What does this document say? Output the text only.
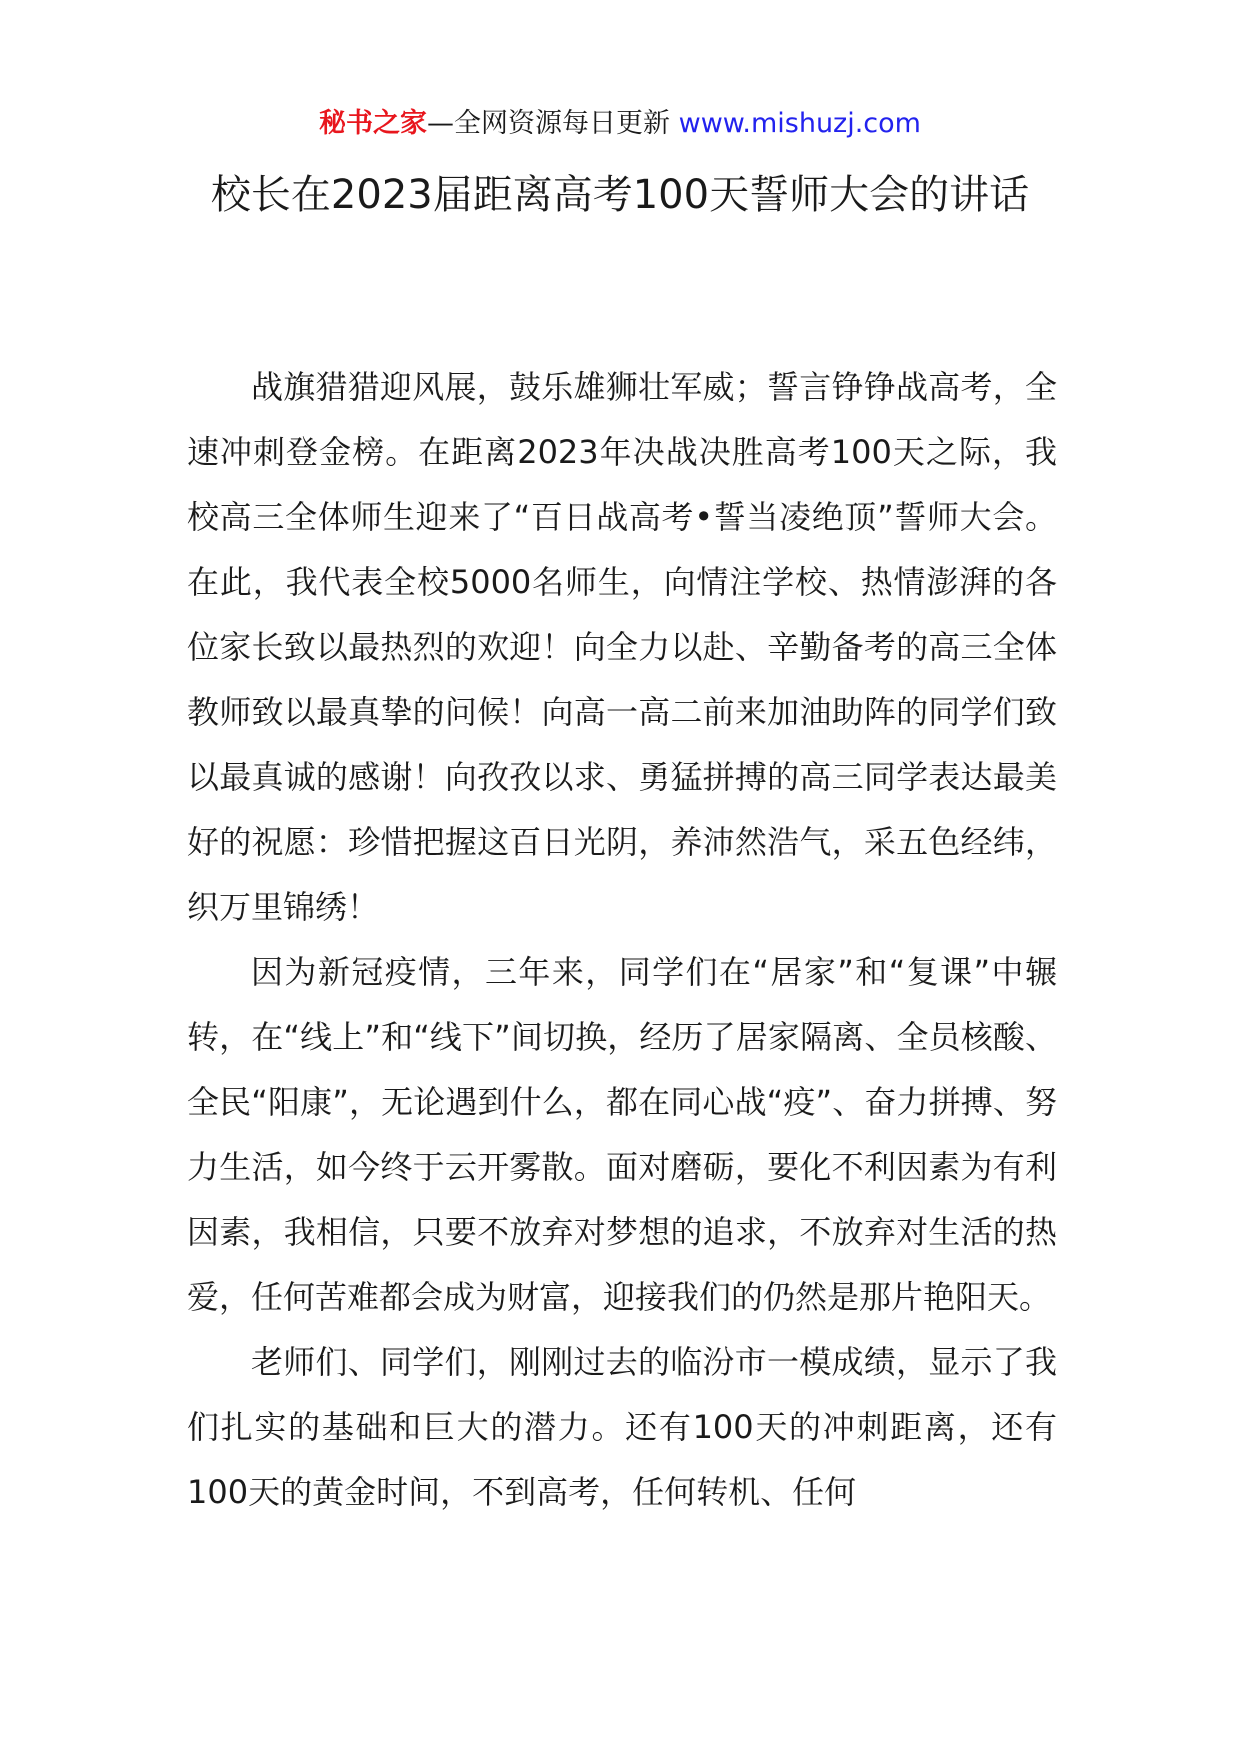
秘书之家—全网资源每日更新 www.mishuzj.com
校长在2023届距离高考100天誓师大会的讲话

战旗猎猎迎风展，鼓乐雄狮壮军威；誓言铮铮战高考，全速冲刺登金榜。在距离2023年决战决胜高考100天之际，我校高三全体师生迎来了“百日战高考•誓当凌绝顶”誓师大会。在此，我代表全校5000名师生，向情注学校、热情澎湃的各位家长致以最热烈的欢迎！向全力以赴、辛勤备考的高三全体教师致以最真挚的问候！向高一高二前来加油助阵的同学们致以最真诚的感谢！向孜孜以求、勇猛拼搏的高三同学表达最美好的祝愿：珍惜把握这百日光阴，养沛然浩气，采五色经纬，织万里锦绣！

因为新冠疫情，三年来，同学们在“居家”和“复课”中辗转，在“线上”和“线下”间切换，经历了居家隔离、全员核酸、全民“阳康”，无论遇到什么，都在同心战“疫”、奋力拼搏、努力生活，如今终于云开雾散。面对磨砺，要化不利因素为有利因素，我相信，只要不放弃对梦想的追求，不放弃对生活的热爱，任何苦难都会成为财富，迎接我们的仍然是那片艳阳天。

老师们、同学们，刚刚过去的临汾市一模成绩，显示了我们扎实的基础和巨大的潜力。还有100天的冲刺距离，还有100天的黄金时间，不到高考，任何转机、任何
